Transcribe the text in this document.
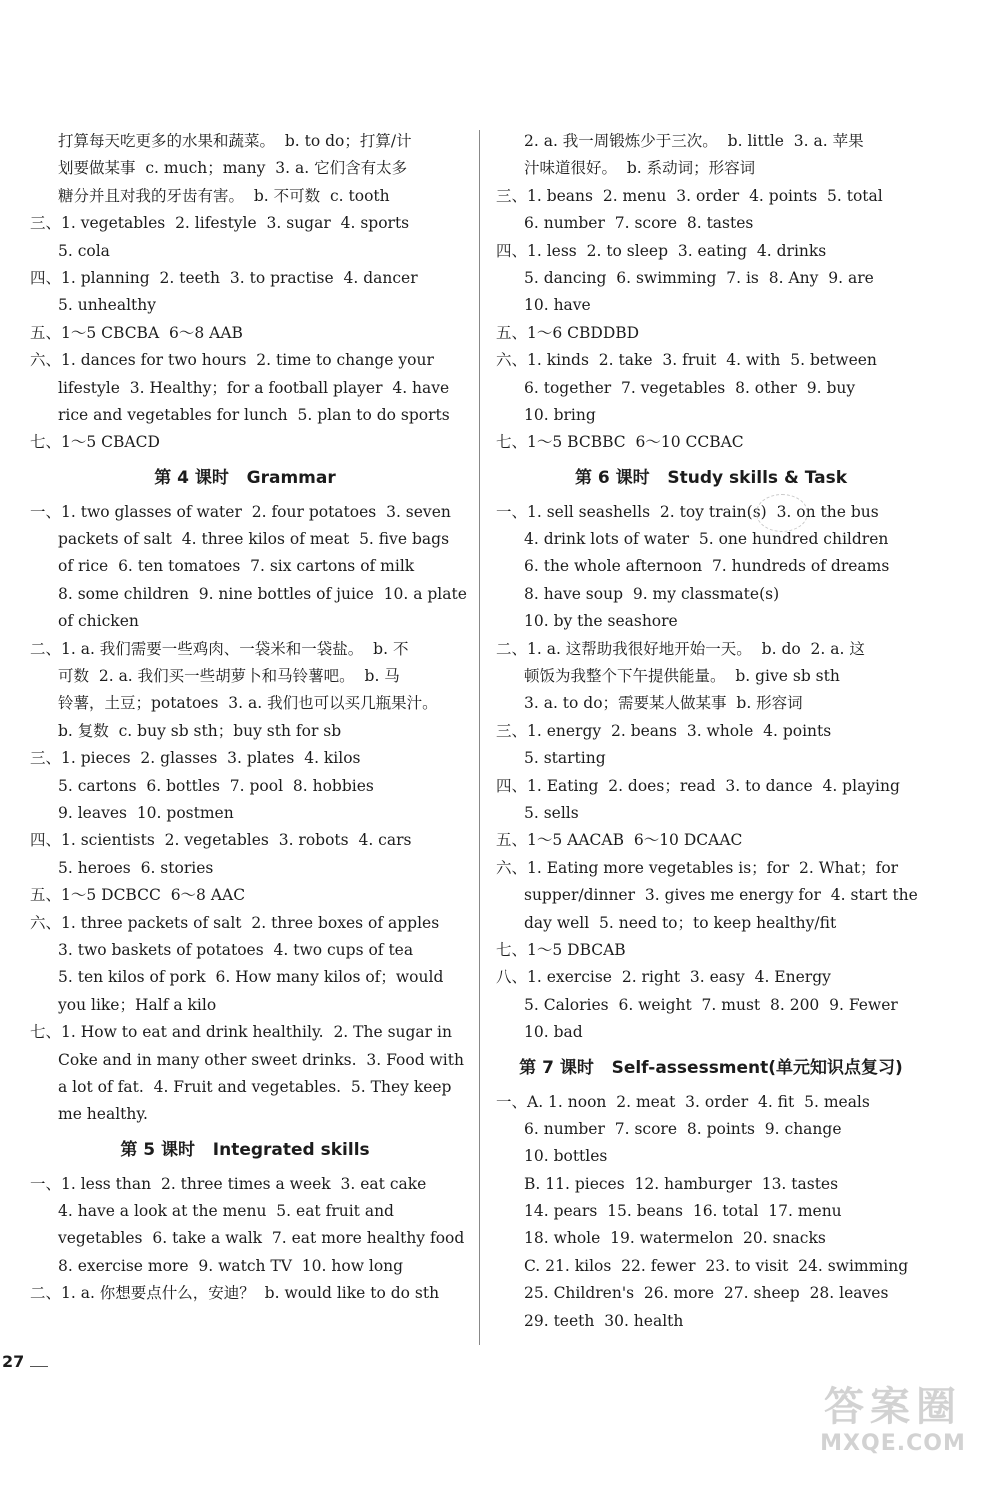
打算每天吃更多的水果和蔬菜。  b. to do；打算/计
划要做某事  c. much；many  3. a. 它们含有太多
糖分并且对我的牙齿有害。  b. 不可数  c. tooth
三、1. vegetables  2. lifestyle  3. sugar  4. sports
5. cola
四、1. planning  2. teeth  3. to practise  4. dancer
5. unhealthy
五、1～5 CBCBA  6～8 AAB
六、1. dances for two hours  2. time to change your
lifestyle  3. Healthy；for a football player  4. have
rice and vegetables for lunch  5. plan to do sports
七、1～5 CBACD
第 4 课时   Grammar
一、1. two glasses of water  2. four potatoes  3. seven
packets of salt  4. three kilos of meat  5. five bags
of rice  6. ten tomatoes  7. six cartons of milk
8. some children  9. nine bottles of juice  10. a plate
of chicken
二、1. a. 我们需要一些鸡肉、一袋米和一袋盐。  b. 不
可数  2. a. 我们买一些胡萝卜和马铃薯吧。  b. 马
铃薯，土豆；potatoes  3. a. 我们也可以买几瓶果汁。
b. 复数  c. buy sb sth；buy sth for sb
三、1. pieces  2. glasses  3. plates  4. kilos
5. cartons  6. bottles  7. pool  8. hobbies
9. leaves  10. postmen
四、1. scientists  2. vegetables  3. robots  4. cars
5. heroes  6. stories
五、1～5 DCBCC  6～8 AAC
六、1. three packets of salt  2. three boxes of apples
3. two baskets of potatoes  4. two cups of tea
5. ten kilos of pork  6. How many kilos of；would
you like；Half a kilo
七、1. How to eat and drink healthily.  2. The sugar in
Coke and in many other sweet drinks.  3. Food with
a lot of fat.  4. Fruit and vegetables.  5. They keep
me healthy.
第 5 课时   Integrated skills
一、1. less than  2. three times a week  3. eat cake
4. have a look at the menu  5. eat fruit and
vegetables  6. take a walk  7. eat more healthy food
8. exercise more  9. watch TV  10. how long
二、1. a. 你想要点什么，安迪？  b. would like to do sth
2. a. 我一周锻炼少于三次。  b. little  3. a. 苹果
汁味道很好。  b. 系动词；形容词
三、1. beans  2. menu  3. order  4. points  5. total
6. number  7. score  8. tastes
四、1. less  2. to sleep  3. eating  4. drinks
5. dancing  6. swimming  7. is  8. Any  9. are
10. have
五、1～6 CBDDBD
六、1. kinds  2. take  3. fruit  4. with  5. between
6. together  7. vegetables  8. other  9. buy
10. bring
七、1～5 BCBBC  6～10 CCBAC
第 6 课时   Study skills & Task
一、1. sell seashells  2. toy train(s)  3. on the bus
4. drink lots of water  5. one hundred children
6. the whole afternoon  7. hundreds of dreams
8. have soup  9. my classmate(s)
10. by the seashore
二、1. a. 这帮助我很好地开始一天。  b. do  2. a. 这
顿饭为我整个下午提供能量。  b. give sb sth
3. a. to do；需要某人做某事  b. 形容词
三、1. energy  2. beans  3. whole  4. points
5. starting
四、1. Eating  2. does；read  3. to dance  4. playing
5. sells
五、1～5 AACAB  6～10 DCAAC
六、1. Eating more vegetables is；for  2. What；for
supper/dinner  3. gives me energy for  4. start the
day well  5. need to；to keep healthy/fit
七、1～5 DBCAB
八、1. exercise  2. right  3. easy  4. Energy
5. Calories  6. weight  7. must  8. 200  9. Fewer
10. bad
第 7 课时   Self-assessment(单元知识点复习)
一、A. 1. noon  2. meat  3. order  4. fit  5. meals
6. number  7. score  8. points  9. change
10. bottles
B. 11. pieces  12. hamburger  13. tastes
14. pears  15. beans  16. total  17. menu
18. whole  19. watermelon  20. snacks
C. 21. kilos  22. fewer  23. to visit  24. swimming
25. Children's  26. more  27. sheep  28. leaves
29. teeth  30. health
27
答案圈
MXQE.COM
